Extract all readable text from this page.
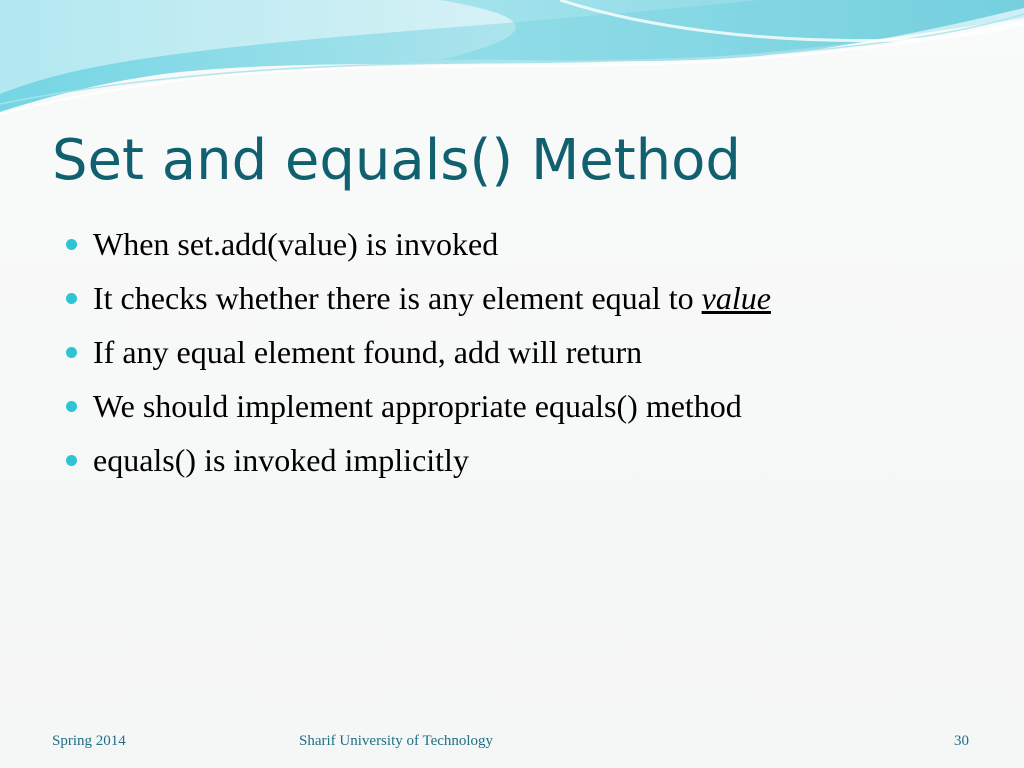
Set and equals() Method
When set.add(value) is invoked
It checks whether there is any element equal to value
If any equal element found, add will return
We should implement appropriate equals() method
equals() is invoked implicitly
Spring 2014	Sharif University of Technology	30
